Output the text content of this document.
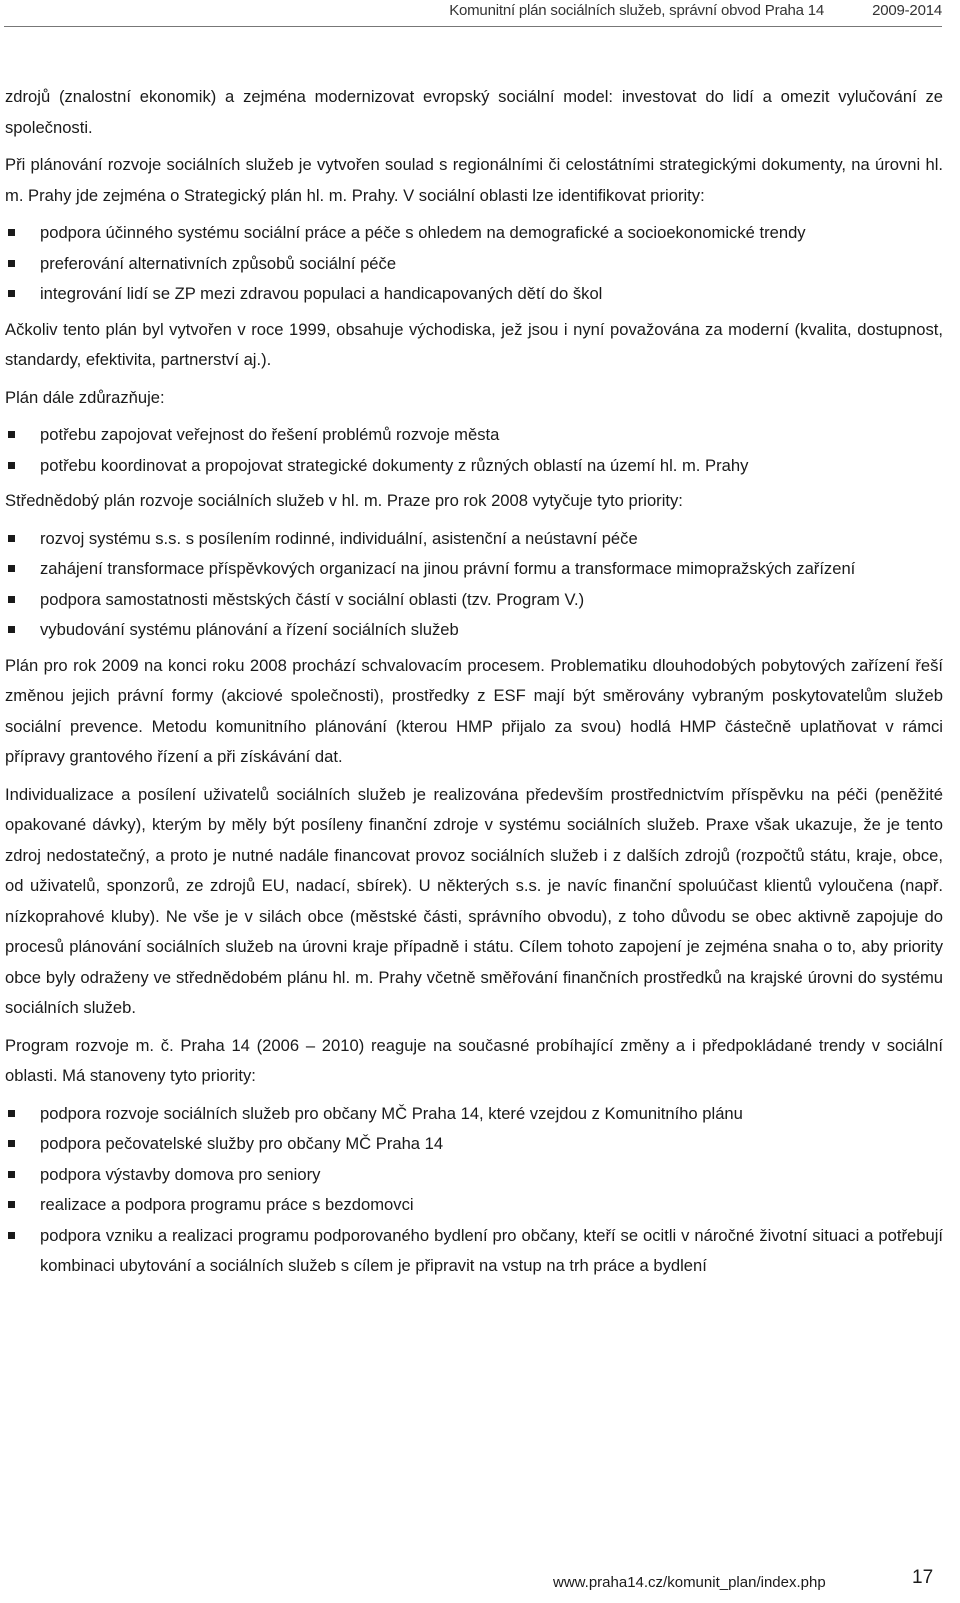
Komunitní plán sociálních služeb, správní obvod Praha 14	2009-2014

zdrojů (znalostní ekonomik) a zejména modernizovat evropský sociální model: investovat do lidí a omezit vylučování ze společnosti.

Při plánování rozvoje sociálních služeb je vytvořen soulad s regionálními či celostátními strategickými dokumenty, na úrovni hl. m. Prahy jde zejména o Strategický plán hl. m. Prahy. V sociální oblasti lze identifikovat priority:

podpora účinného systému sociální práce a péče s ohledem na demografické a socioekonomické trendy
preferování alternativních způsobů sociální péče
integrování lidí se ZP mezi zdravou populaci a handicapovaných dětí do škol

Ačkoliv tento plán byl vytvořen v roce 1999, obsahuje východiska, jež jsou i nyní považována za moderní (kvalita, dostupnost, standardy, efektivita, partnerství aj.).

Plán dále zdůrazňuje:

potřebu zapojovat veřejnost do řešení problémů rozvoje města
potřebu koordinovat a propojovat strategické dokumenty z různých oblastí na území hl. m. Prahy

Střednědobý plán rozvoje sociálních služeb v hl. m. Praze pro rok 2008 vytyčuje tyto priority:

rozvoj systému s.s. s posílením rodinné, individuální, asistenční a neústavní péče
zahájení transformace příspěvkových organizací na jinou právní formu a transformace mimopražských zařízení
podpora samostatnosti městských částí v sociální oblasti (tzv. Program V.)
vybudování systému plánování a řízení sociálních služeb

Plán pro rok 2009 na konci roku 2008 prochází schvalovacím procesem. Problematiku dlouhodobých pobytových zařízení řeší změnou jejich právní formy (akciové společnosti), prostředky z ESF mají být směrovány vybraným poskytovatelům služeb sociální prevence. Metodu komunitního plánování (kterou HMP přijalo za svou) hodlá HMP částečně uplatňovat v rámci přípravy grantového řízení a při získávání dat.

Individualizace a posílení uživatelů sociálních služeb je realizována především prostřednictvím příspěvku na péči (peněžité opakované dávky), kterým by měly být posíleny finanční zdroje v systému sociálních služeb. Praxe však ukazuje, že je tento zdroj nedostatečný, a proto je nutné nadále financovat provoz sociálních služeb i z dalších zdrojů (rozpočtů státu, kraje, obce, od uživatelů, sponzorů, ze zdrojů EU, nadací, sbírek). U některých s.s. je navíc finanční spoluúčast klientů vyloučena (např. nízkoprahové kluby). Ne vše je v silách obce (městské části, správního obvodu), z toho důvodu se obec aktivně zapojuje do procesů plánování sociálních služeb na úrovni kraje případně i státu. Cílem tohoto zapojení je zejména snaha o to, aby priority obce byly odraženy ve střednědobém plánu hl. m. Prahy včetně směřování finančních prostředků na krajské úrovni do systému sociálních služeb.

Program rozvoje m. č. Praha 14 (2006 – 2010) reaguje na současné probíhající změny a i předpokládané trendy v sociální oblasti. Má stanoveny tyto priority:

podpora rozvoje sociálních služeb pro občany MČ Praha 14, které vzejdou z Komunitního plánu
podpora pečovatelské služby pro občany MČ Praha 14
podpora výstavby domova pro seniory
realizace a podpora programu práce s bezdomovci
podpora vzniku a realizaci programu podporovaného bydlení pro občany, kteří se ocitli v náročné životní situaci a potřebují kombinaci ubytování a sociálních služeb s cílem je připravit na vstup na trh práce a bydlení
www.praha14.cz/komunit_plan/index.php	17
